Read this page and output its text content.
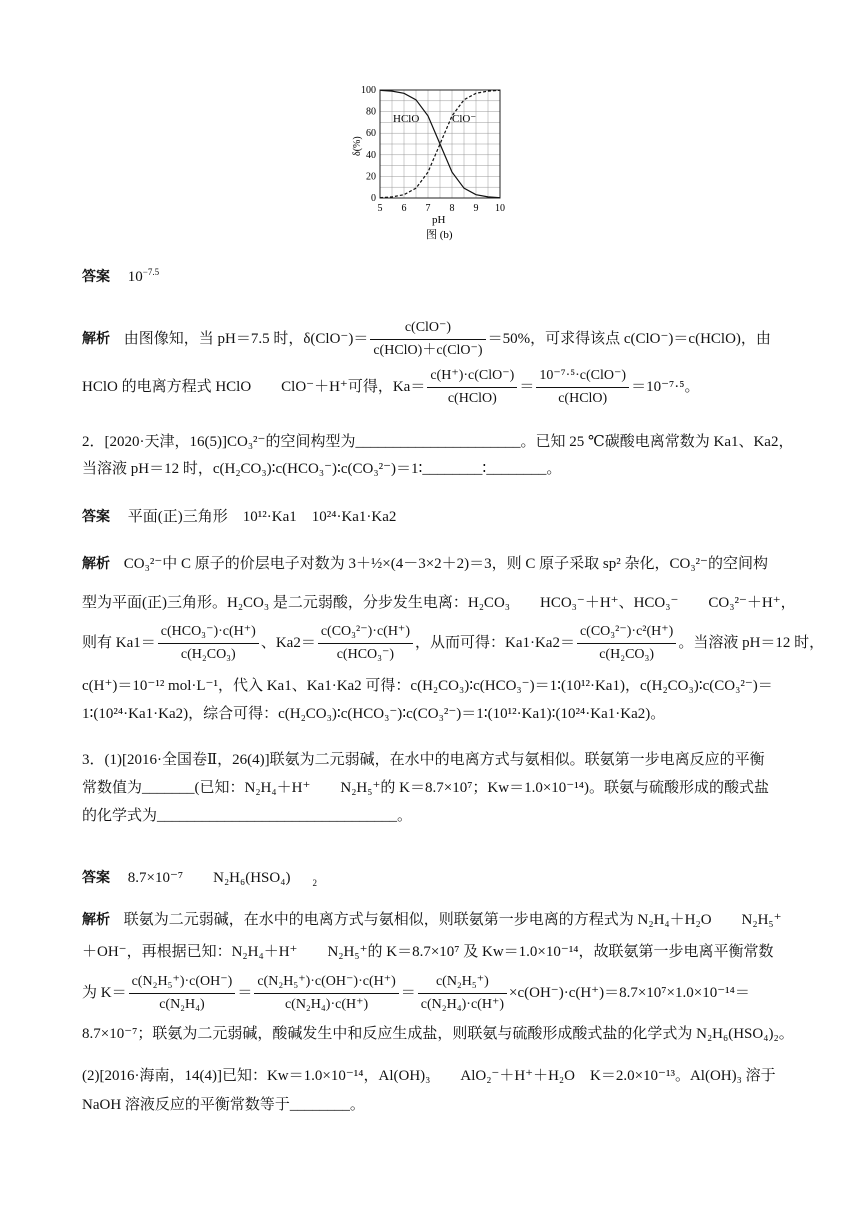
5 6 7 8 9 10
0
20
40
60
80
100
HClO	ClO⁻
δ(%)
pH
图 (b)
答案 $10^{-7.5}$
解析 由图像知，当 pH＝7.5 时，$\delta(ClO^-)= \frac{\text{c(ClO⁻)}}{\text{c(HClO)＋c(ClO⁻)}} =50\%$，可求得该点 c(ClO⁻)＝c(HClO)，由
HClO 的电离方程式 HClO　　ClO⁻＋H⁺可得，$Ka= \frac{\text{c(H⁺)·c(ClO⁻)}}{\text{c(HClO)}} = \frac{\text{10⁻⁷·⁵·c(ClO⁻)}}{\text{c(HClO)}} =10^{-7}\cdot^5$。
2．[2020·天津，16(5)]CO₃²⁻的空间构型为______________________。已知 25 ℃碳酸电离常数为 Ka1、Ka2，
当溶液 pH＝12 时，c(H₂CO₃)∶c(HCO₃⁻)∶c(CO₃²⁻)＝1∶________∶________。
答案 平面(正)三角形　10¹²·Ka1　10²⁴·Ka1·Ka2
解析 CO₃²⁻中 C 原子的价层电子对数为 3＋½×(4－3×2＋2)＝3，则 C 原子采取 sp² 杂化，CO₃²⁻的空间构
型为平面(正)三角形。H₂CO₃ 是二元弱酸，分步发生电离：H₂CO₃　　HCO₃⁻＋H⁺、HCO₃⁻　　CO₃²⁻＋H⁺，
则有 $Ka1= \frac{\text{c(HCO₃⁻)·c(H⁺)}}{\text{c(H₂CO₃)}}$ 、$Ka2= \frac{\text{c(CO₃²⁻)·c(H⁺)}}{\text{c(HCO₃⁻)}}$ ，从而可得：$Ka1\cdot Ka2= \frac{\text{c(CO₃²⁻)·c²(H⁺)}}{\text{c(H₂CO₃)}}$ 。当溶液 pH＝12 时，
c(H⁺)＝10⁻¹² mol·L⁻¹，代入 Ka1、Ka1·Ka2 可得：c(H₂CO₃)∶c(HCO₃⁻)＝1∶(10¹²·Ka1)，c(H₂CO₃)∶c(CO₃²⁻)＝
1∶(10²⁴·Ka1·Ka2)，综合可得：c(H₂CO₃)∶c(HCO₃⁻)∶c(CO₃²⁻)＝1∶(10¹²·Ka1)∶(10²⁴·Ka1·Ka2)。
3．(1)[2016·全国卷Ⅱ，26(4)]联氨为二元弱碱，在水中的电离方式与氨相似。联氨第一步电离反应的平衡
常数值为_______(已知：N₂H₄＋H⁺　　N₂H₅⁺的 K＝8.7×10⁷；Kw＝1.0×10⁻¹⁴)。联氨与硫酸形成的酸式盐
的化学式为________________________________。
答案 8.7×10⁻⁷　　N₂H₆(HSO₄) $_2$
解析 联氨为二元弱碱，在水中的电离方式与氨相似，则联氨第一步电离的方程式为 N₂H₄＋H₂O　　N₂H₅⁺
＋OH⁻，再根据已知：N₂H₄＋H⁺　　N₂H₅⁺的 K＝8.7×10⁷ 及 Kw＝1.0×10⁻¹⁴，故联氨第一步电离平衡常数
为 $K= \frac{\text{c(N₂H₅⁺)·c(OH⁻)}}{\text{c(N₂H₄)}} = \frac{\text{c(N₂H₅⁺)·c(OH⁻)·c(H⁺)}}{\text{c(N₂H₄)·c(H⁺)}} = \frac{\text{c(N₂H₅⁺)}}{\text{c(N₂H₄)·c(H⁺)}} \times c(OH^-)\cdot c(H^+)=8.7\times 10^7\times 1.0\times 10^{-14}=$
8.7×10⁻⁷；联氨为二元弱碱，酸碱发生中和反应生成盐，则联氨与硫酸形成酸式盐的化学式为 N₂H₆(HSO₄)₂。
(2)[2016·海南，14(4)]已知：Kw＝1.0×10⁻¹⁴，Al(OH)₃　　AlO₂⁻＋H⁺＋H₂O　K＝2.0×10⁻¹³。Al(OH)₃ 溶于
NaOH 溶液反应的平衡常数等于________。
